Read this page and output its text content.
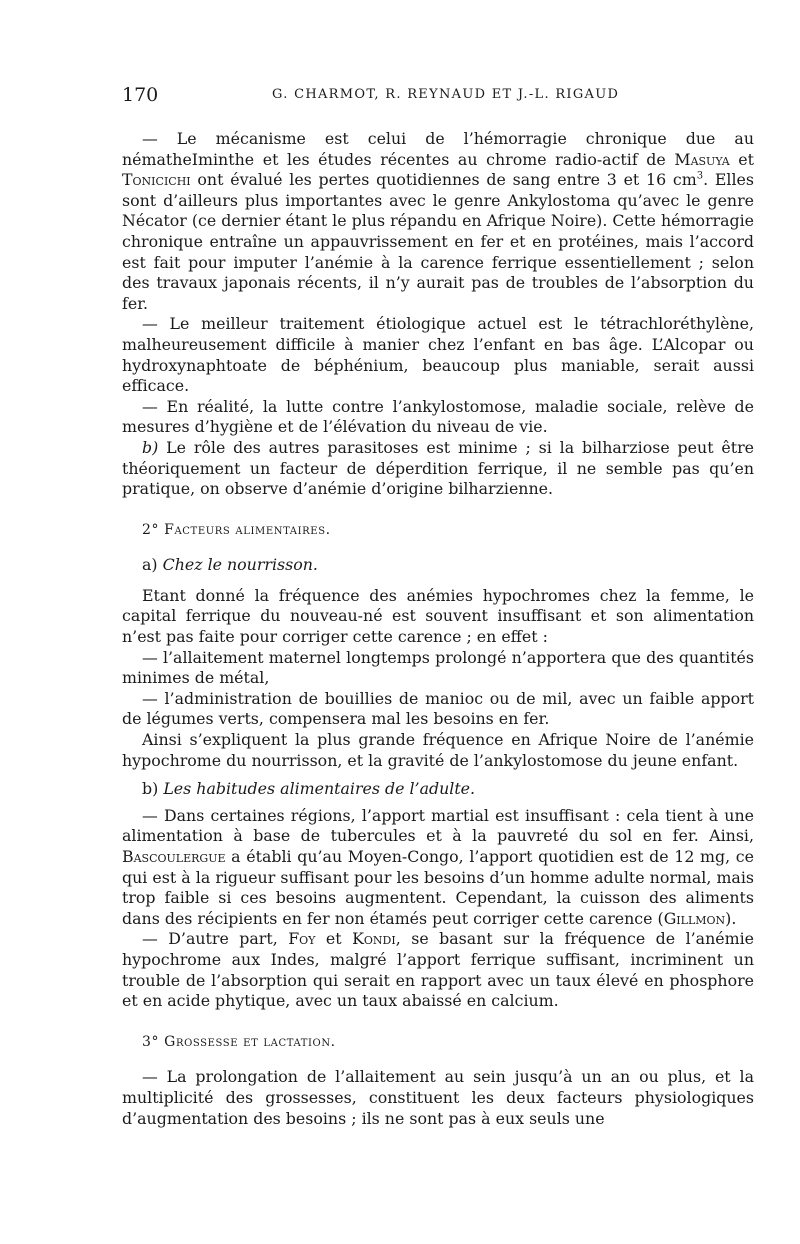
170	G. CHARMOT, R. REYNAUD ET J.-L. RIGAUD

— Le mécanisme est celui de l’hémorragie chronique due au nématheIminthe et les études récentes au chrome radio-actif de Masuya et Tonicichi ont évalué les pertes quotidiennes de sang entre 3 et 16 $cm^3$. Elles sont d’ailleurs plus importantes avec le genre Ankylostoma qu’avec le genre Nécator (ce dernier étant le plus répandu en Afrique Noire). Cette hémorragie chronique entraîne un appauvrissement en fer et en protéines, mais l’accord est fait pour imputer l’anémie à la carence ferrique essentiellement ; selon des travaux japonais récents, il n’y aurait pas de troubles de l’absorption du fer.

— Le meilleur traitement étiologique actuel est le tétrachloréthylène, malheureusement difficile à manier chez l’enfant en bas âge. L’Alcopar ou hydroxynaphtoate de béphénium, beaucoup plus maniable, serait aussi efficace.

— En réalité, la lutte contre l’ankylostomose, maladie sociale, relève de mesures d’hygiène et de l’élévation du niveau de vie.

b) Le rôle des autres parasitoses est minime ; si la bilharziose peut être théoriquement un facteur de déperdition ferrique, il ne semble pas qu’en pratique, on observe d’anémie d’origine bilharzienne.

2° Facteurs alimentaires.
a) Chez le nourrisson.

Etant donné la fréquence des anémies hypochromes chez la femme, le capital ferrique du nouveau-né est souvent insuffisant et son alimentation n’est pas faite pour corriger cette carence ; en effet :

— l’allaitement maternel longtemps prolongé n’apportera que des quantités minimes de métal,

— l’administration de bouillies de manioc ou de mil, avec un faible apport de légumes verts, compensera mal les besoins en fer.

Ainsi s’expliquent la plus grande fréquence en Afrique Noire de l’anémie hypochrome du nourrisson, et la gravité de l’ankylostomose du jeune enfant.

b) Les habitudes alimentaires de l’adulte.

— Dans certaines régions, l’apport martial est insuffisant : cela tient à une alimentation à base de tubercules et à la pauvreté du sol en fer. Ainsi, Bascoulergue a établi qu’au Moyen-Congo, l’apport quotidien est de 12 mg, ce qui est à la rigueur suffisant pour les besoins d’un homme adulte normal, mais trop faible si ces besoins augmentent. Cependant, la cuisson des aliments dans des récipients en fer non étamés peut corriger cette carence (Gillmon).

— D’autre part, Foy et Kondi, se basant sur la fréquence de l’anémie hypochrome aux Indes, malgré l’apport ferrique suffisant, incriminent un trouble de l’absorption qui serait en rapport avec un taux élevé en phosphore et en acide phytique, avec un taux abaissé en calcium.

3° Grossesse et lactation.

— La prolongation de l’allaitement au sein jusqu’à un an ou plus, et la multiplicité des grossesses, constituent les deux facteurs physiologiques d’augmentation des besoins ; ils ne sont pas à eux seuls une
